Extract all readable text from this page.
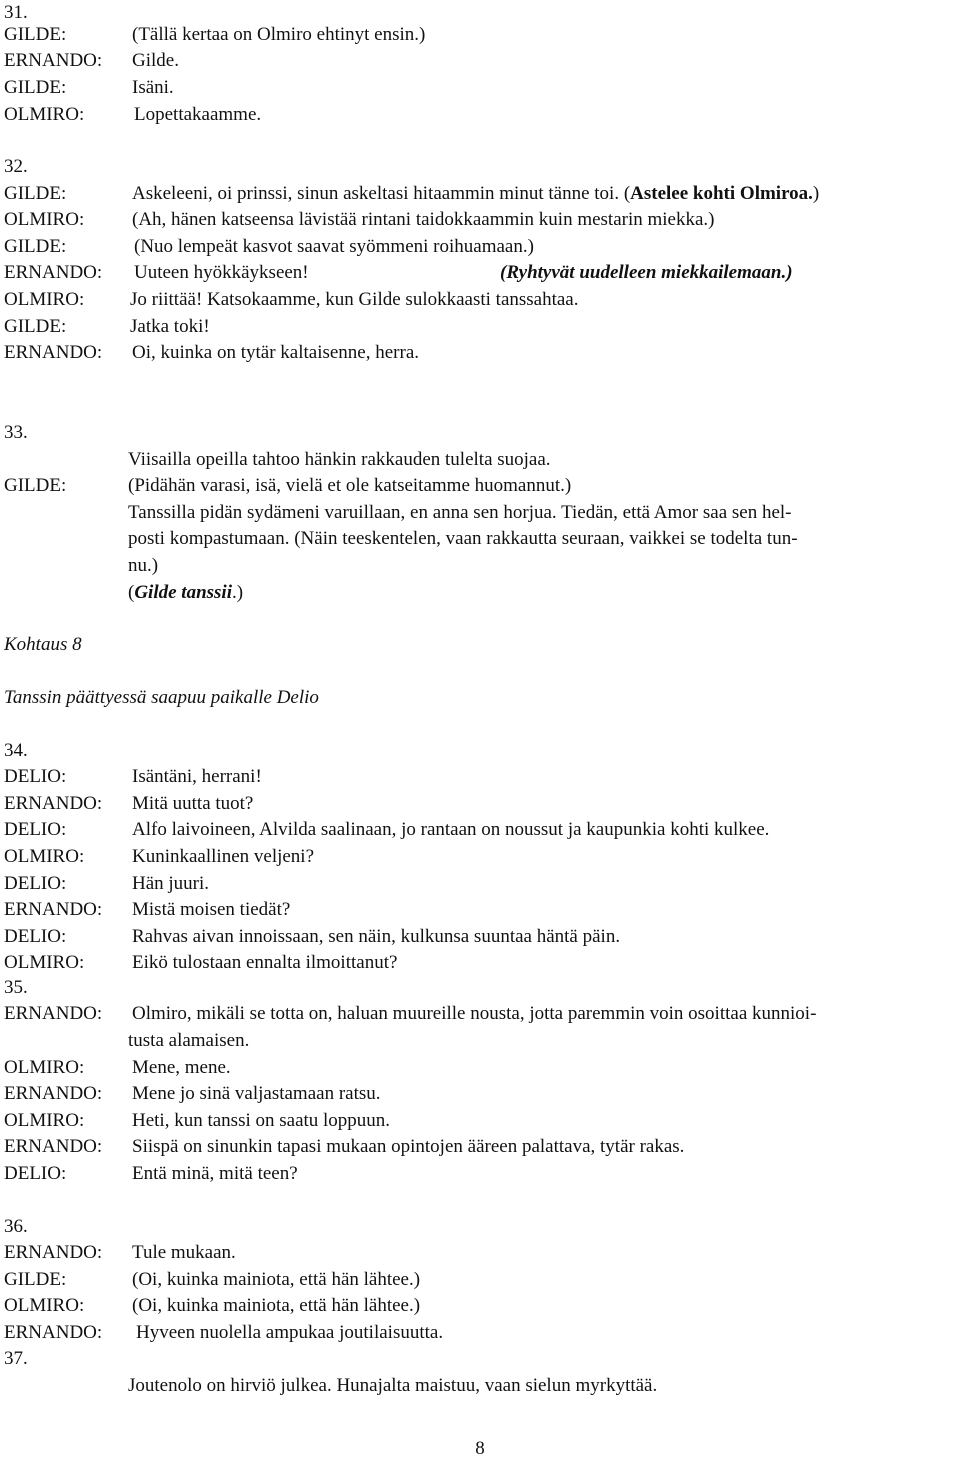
31.
GILDE:	(Tällä kertaa on Olmiro ehtinyt ensin.)
ERNANDO: Gilde.
GILDE:	Isäni.
OLMIRO:	Lopettakaamme.
32.
GILDE:	Askeleeni, oi prinssi, sinun askeltasi hitaammin minut tänne toi. (Astelee kohti Olmiroa.)
OLMIRO:	(Ah, hänen katseensa lävistää rintani taidokkaammin kuin mestarin miekka.)
GILDE:	(Nuo lempeät kasvot saavat syömmeni roihuamaan.)
ERNANDO: Uuteen hyökkäykseen!	(Ryhtyvät uudelleen miekkailemaan.)
OLMIRO: Jo riittää! Katsokaamme, kun Gilde sulokkaasti tanssahtaa.
GILDE:	Jatka toki!
ERNANDO: Oi, kuinka on tytär kaltaisenne, herra.
33.
GILDE:
Viisailla opeilla tahtoo hänkin rakkauden tulelta suojaa.
(Pidähän varasi, isä, vielä et ole katseitamme huomannut.)
Tanssilla pidän sydämeni varuillaan, en anna sen horjua. Tiedän, että Amor saa sen hel-
posti kompastumaan. (Näin teeskentelen, vaan rakkautta seuraan, vaikkei se todelta tun-
nu.)
(Gilde tanssii.)
Kohtaus 8
Tanssin päättyessä saapuu paikalle Delio
34.
DELIO:	Isäntäni, herrani!
ERNANDO: Mitä uutta tuot?
DELIO:	Alfo laivoineen, Alvilda saalinaan, jo rantaan on noussut ja kaupunkia kohti kulkee.
OLMIRO:	Kuninkaallinen veljeni?
DELIO:	Hän juuri.
ERNANDO: Mistä moisen tiedät?
DELIO:	Rahvas aivan innoissaan, sen näin, kulkunsa suuntaa häntä päin.
OLMIRO:	Eikö tulostaan ennalta ilmoittanut?
35.
ERNANDO: Olmiro, mikäli se totta on, haluan muureille nousta, jotta paremmin voin osoittaa kunnioi-
tusta alamaisen.
OLMIRO:	Mene, mene.
ERNANDO: Mene jo sinä valjastamaan ratsu.
OLMIRO:	Heti, kun tanssi on saatu loppuun.
ERNANDO: Siispä on sinunkin tapasi mukaan opintojen ääreen palattava, tytär rakas.
DELIO:	Entä minä, mitä teen?
36.
ERNANDO: Tule mukaan.
GILDE:	(Oi, kuinka mainiota, että hän lähtee.)
OLMIRO:	(Oi, kuinka mainiota, että hän lähtee.)
ERNANDO: Hyveen nuolella ampukaa joutilaisuutta.
37.
Joutenolo on hirviö julkea. Hunajalta maistuu, vaan sielun myrkyttää.
8
